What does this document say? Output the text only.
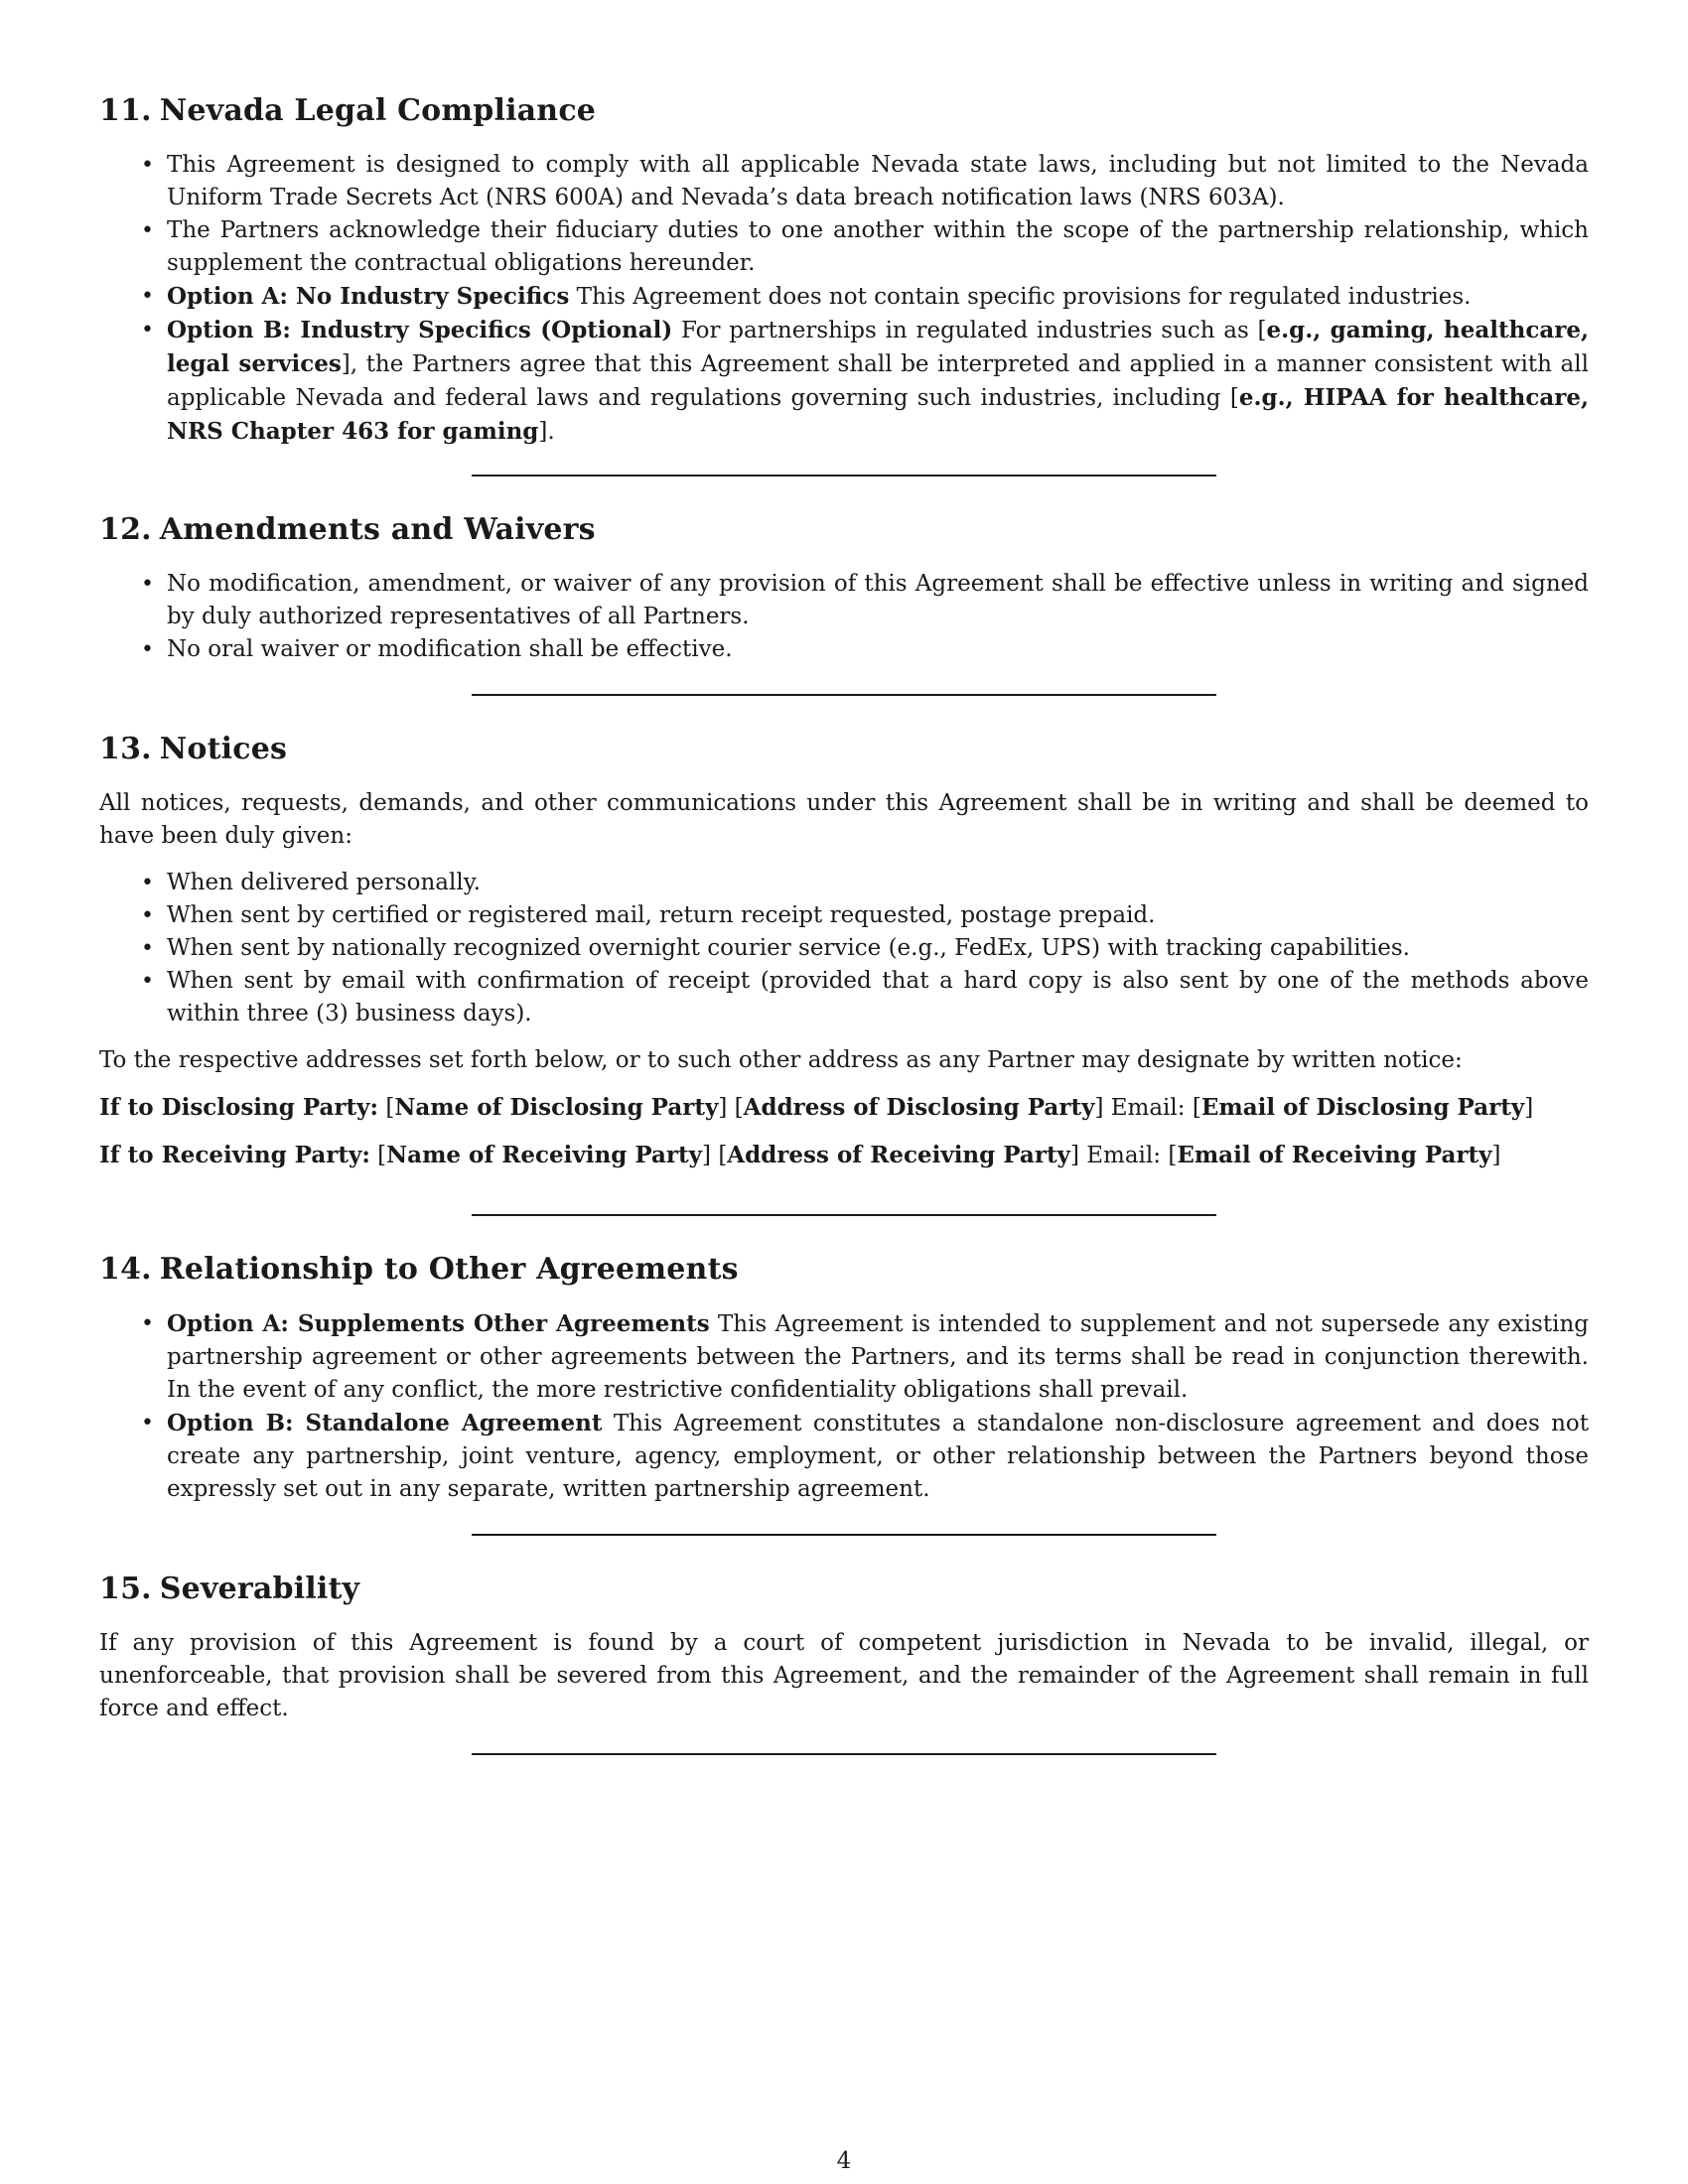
11. Nevada Legal Compliance
• This Agreement is designed to comply with all applicable Nevada state laws, including but not limited to the Nevada Uniform Trade Secrets Act (NRS 600A) and Nevada’s data breach notification laws (NRS 603A).
• The Partners acknowledge their fiduciary duties to one another within the scope of the partnership relationship, which supplement the contractual obligations hereunder.
• Option A: No Industry Specifics This Agreement does not contain specific provisions for regulated industries.
• Option B: Industry Specifics (Optional) For partnerships in regulated industries such as [e.g., gaming, healthcare, legal services], the Partners agree that this Agreement shall be interpreted and applied in a manner consistent with all applicable Nevada and federal laws and regulations governing such industries, including [e.g., HIPAA for healthcare, NRS Chapter 463 for gaming].
12. Amendments and Waivers
• No modification, amendment, or waiver of any provision of this Agreement shall be effective unless in writing and signed by duly authorized representatives of all Partners.
• No oral waiver or modification shall be effective.
13. Notices

All notices, requests, demands, and other communications under this Agreement shall be in writing and shall be deemed to have been duly given:

• When delivered personally.
• When sent by certified or registered mail, return receipt requested, postage prepaid.
• When sent by nationally recognized overnight courier service (e.g., FedEx, UPS) with tracking capabilities.
• When sent by email with confirmation of receipt (provided that a hard copy is also sent by one of the methods above within three (3) business days).

To the respective addresses set forth below, or to such other address as any Partner may designate by written notice:

If to Disclosing Party: [Name of Disclosing Party] [Address of Disclosing Party] Email: [Email of Disclosing Party]

If to Receiving Party: [Name of Receiving Party] [Address of Receiving Party] Email: [Email of Receiving Party]

14. Relationship to Other Agreements
• Option A: Supplements Other Agreements This Agreement is intended to supplement and not supersede any existing partnership agreement or other agreements between the Partners, and its terms shall be read in conjunction therewith. In the event of any conflict, the more restrictive confidentiality obligations shall prevail.
• Option B: Standalone Agreement This Agreement constitutes a standalone non-disclosure agreement and does not create any partnership, joint venture, agency, employment, or other relationship between the Partners beyond those expressly set out in any separate, written partnership agreement.
15. Severability

If any provision of this Agreement is found by a court of competent jurisdiction in Nevada to be invalid, illegal, or unenforceable, that provision shall be severed from this Agreement, and the remainder of the Agreement shall remain in full force and effect.

4
